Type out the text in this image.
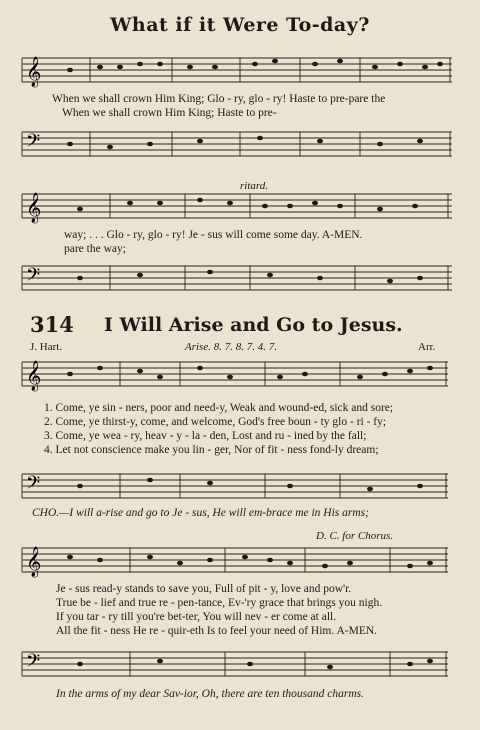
What if it Were To-day?
𝄞
When we shall crown Him King; Glo - ry, glo - ry! Haste to pre-pare the
When we shall crown Him King; Haste to pre-
𝄢
ritard.
𝄞
way; . . . Glo - ry, glo - ry! Je - sus will come some day. A-MEN.
pare the way;
𝄢
314 I Will Arise and Go to Jesus.
J. Hart.	Arise. 8. 7. 8. 7. 4. 7.	Arr.
𝄞
1. Come, ye sin - ners, poor and need-y, Weak and wound-ed, sick and sore;
2. Come, ye thirst-y, come, and welcome, God's free boun - ty glo - ri - fy;
3. Come, ye wea - ry, heav - y - la - den, Lost and ru - ined by the fall;
4. Let not conscience make you lin - ger, Nor of fit - ness fond-ly dream;
𝄢
CHO.—I will a-rise and go to Je - sus, He will em-brace me in His arms;
D. C. for Chorus.
𝄞
Je - sus read-y stands to save you, Full of pit - y, love and pow'r.
True be - lief and true re - pen-tance, Ev-'ry grace that brings you nigh.
If you tar - ry till you're bet-ter, You will nev - er come at all.
All the fit - ness He re - quir-eth Is to feel your need of Him. A-MEN.
𝄢
In the arms of my dear Sav-ior, Oh, there are ten thousand charms.
